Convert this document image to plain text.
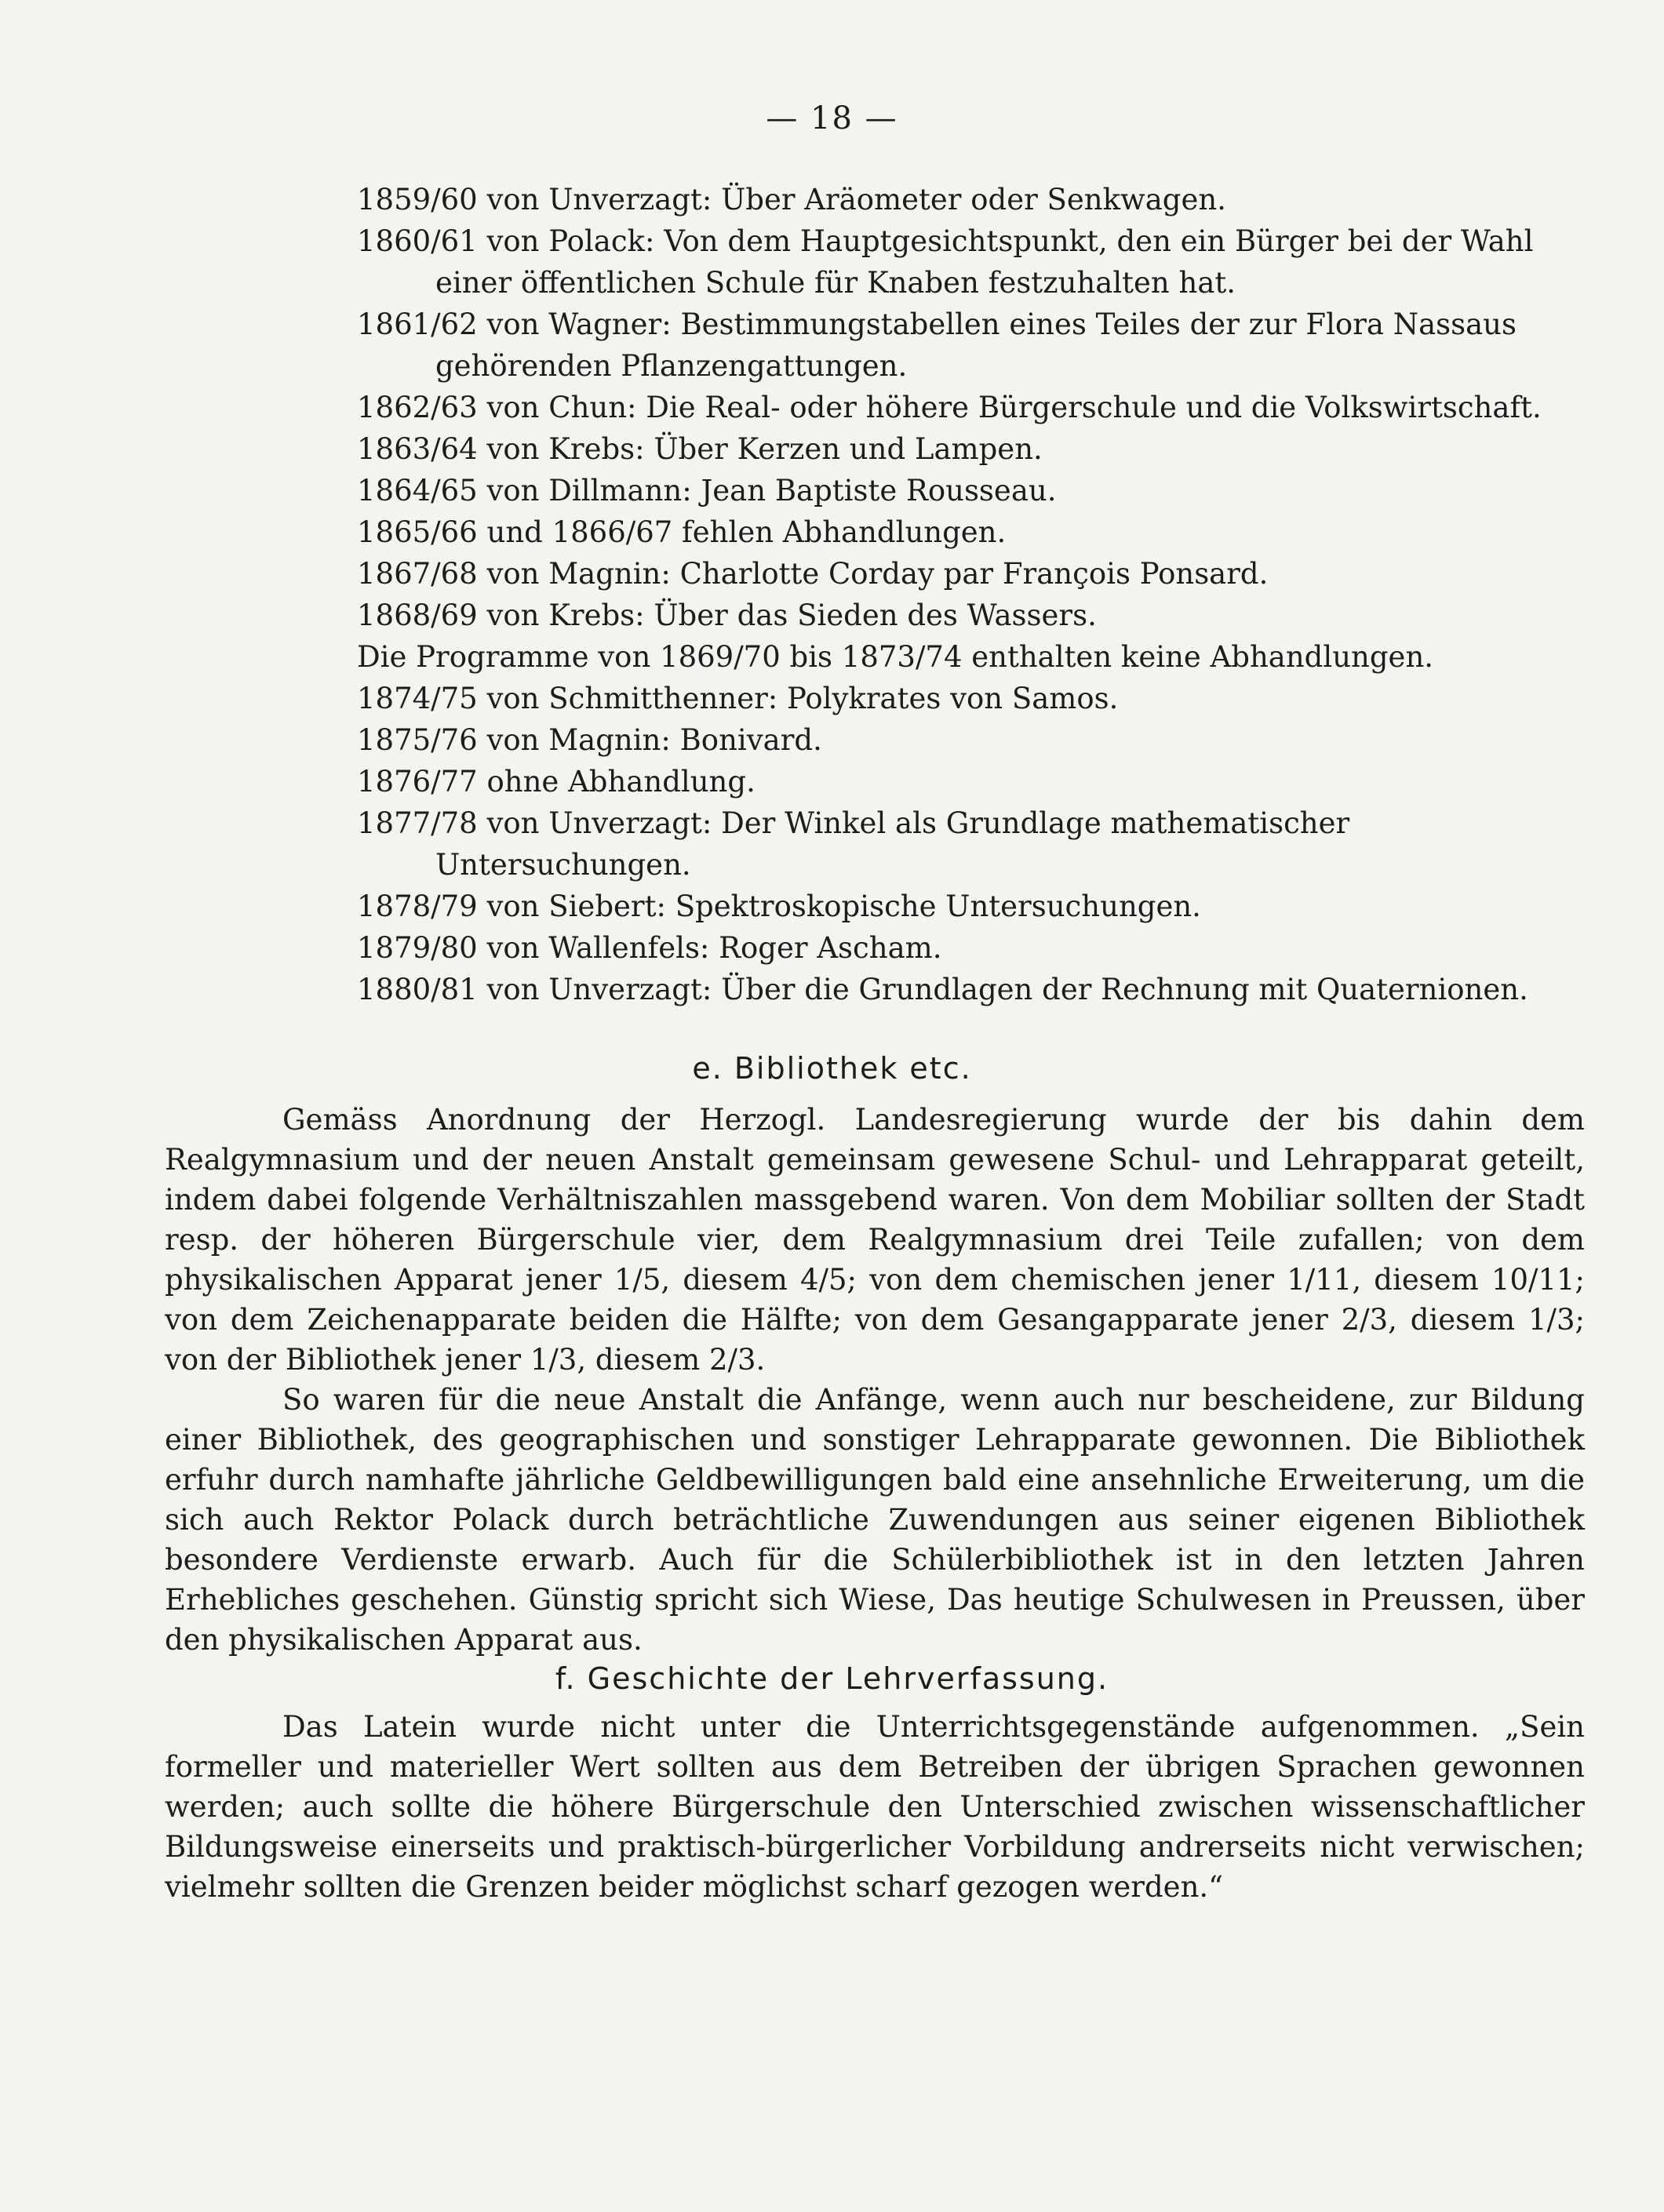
— 18 —

1859/60 von Unverzagt: Über Aräometer oder Senkwagen.

1860/61 von Polack: Von dem Hauptgesichtspunkt, den ein Bürger bei der Wahl einer öffentlichen Schule für Knaben festzuhalten hat.

1861/62 von Wagner: Bestimmungstabellen eines Teiles der zur Flora Nassaus gehörenden Pflanzengattungen.

1862/63 von Chun: Die Real- oder höhere Bürgerschule und die Volkswirtschaft.

1863/64 von Krebs: Über Kerzen und Lampen.

1864/65 von Dillmann: Jean Baptiste Rousseau.

1865/66 und 1866/67 fehlen Abhandlungen.

1867/68 von Magnin: Charlotte Corday par François Ponsard.

1868/69 von Krebs: Über das Sieden des Wassers.

Die Programme von 1869/70 bis 1873/74 enthalten keine Abhandlungen.

1874/75 von Schmitthenner: Polykrates von Samos.

1875/76 von Magnin: Bonivard.

1876/77 ohne Abhandlung.

1877/78 von Unverzagt: Der Winkel als Grundlage mathematischer Untersuchungen.

1878/79 von Siebert: Spektroskopische Untersuchungen.

1879/80 von Wallenfels: Roger Ascham.

1880/81 von Unverzagt: Über die Grundlagen der Rechnung mit Quaternionen.

e. Bibliothek etc.

Gemäss Anordnung der Herzogl. Landesregierung wurde der bis dahin dem Realgymnasium und der neuen Anstalt gemeinsam gewesene Schul- und Lehrapparat geteilt, indem dabei folgende Verhältniszahlen massgebend waren. Von dem Mobiliar sollten der Stadt resp. der höheren Bürgerschule vier, dem Realgymnasium drei Teile zufallen; von dem physikalischen Apparat jener 1/5, diesem 4/5; von dem chemischen jener 1/11, diesem 10/11; von dem Zeichenapparate beiden die Hälfte; von dem Gesangapparate jener 2/3, diesem 1/3; von der Bibliothek jener 1/3, diesem 2/3.

So waren für die neue Anstalt die Anfänge, wenn auch nur bescheidene, zur Bildung einer Bibliothek, des geographischen und sonstiger Lehrapparate gewonnen. Die Bibliothek erfuhr durch namhafte jährliche Geldbewilligungen bald eine ansehnliche Erweiterung, um die sich auch Rektor Polack durch beträchtliche Zuwendungen aus seiner eigenen Bibliothek besondere Verdienste erwarb. Auch für die Schülerbibliothek ist in den letzten Jahren Erhebliches geschehen. Günstig spricht sich Wiese, Das heutige Schulwesen in Preussen, über den physikalischen Apparat aus.

f. Geschichte der Lehrverfassung.

Das Latein wurde nicht unter die Unterrichtsgegenstände aufgenommen. „Sein formeller und materieller Wert sollten aus dem Betreiben der übrigen Sprachen gewonnen werden; auch sollte die höhere Bürgerschule den Unterschied zwischen wissenschaftlicher Bildungsweise einerseits und praktisch-bürgerlicher Vorbildung andrerseits nicht verwischen; vielmehr sollten die Grenzen beider möglichst scharf gezogen werden.“
